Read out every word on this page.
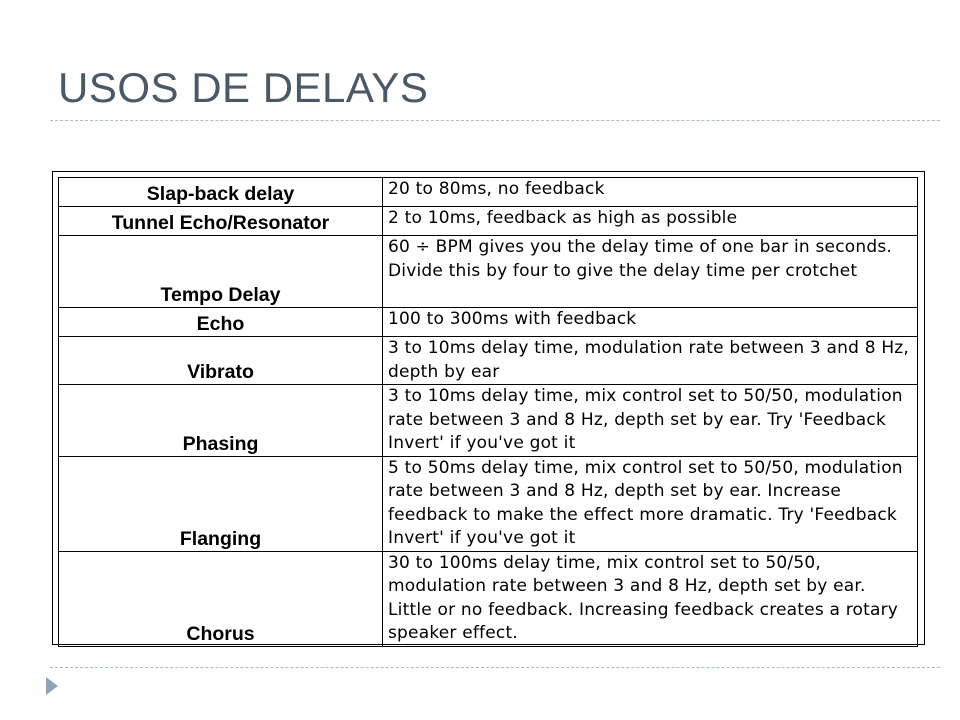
USOS DE DELAYS
Slap-back delay	20 to 80ms, no feedback
Tunnel Echo/Resonator	2 to 10ms, feedback as high as possible
Tempo Delay	60 ÷ BPM gives you the delay time of one bar in seconds. Divide this by four to give the delay time per crotchet
Echo	100 to 300ms with feedback
Vibrato	3 to 10ms delay time, modulation rate between 3 and 8 Hz, depth by ear
Phasing	3 to 10ms delay time, mix control set to 50/50, modulation rate between 3 and 8 Hz, depth set by ear. Try 'Feedback Invert' if you've got it
Flanging	5 to 50ms delay time, mix control set to 50/50, modulation rate between 3 and 8 Hz, depth set by ear. Increase feedback to make the effect more dramatic. Try 'Feedback Invert' if you've got it
Chorus	30 to 100ms delay time, mix control set to 50/50, modulation rate between 3 and 8 Hz, depth set by ear. Little or no feedback. Increasing feedback creates a rotary speaker effect.
